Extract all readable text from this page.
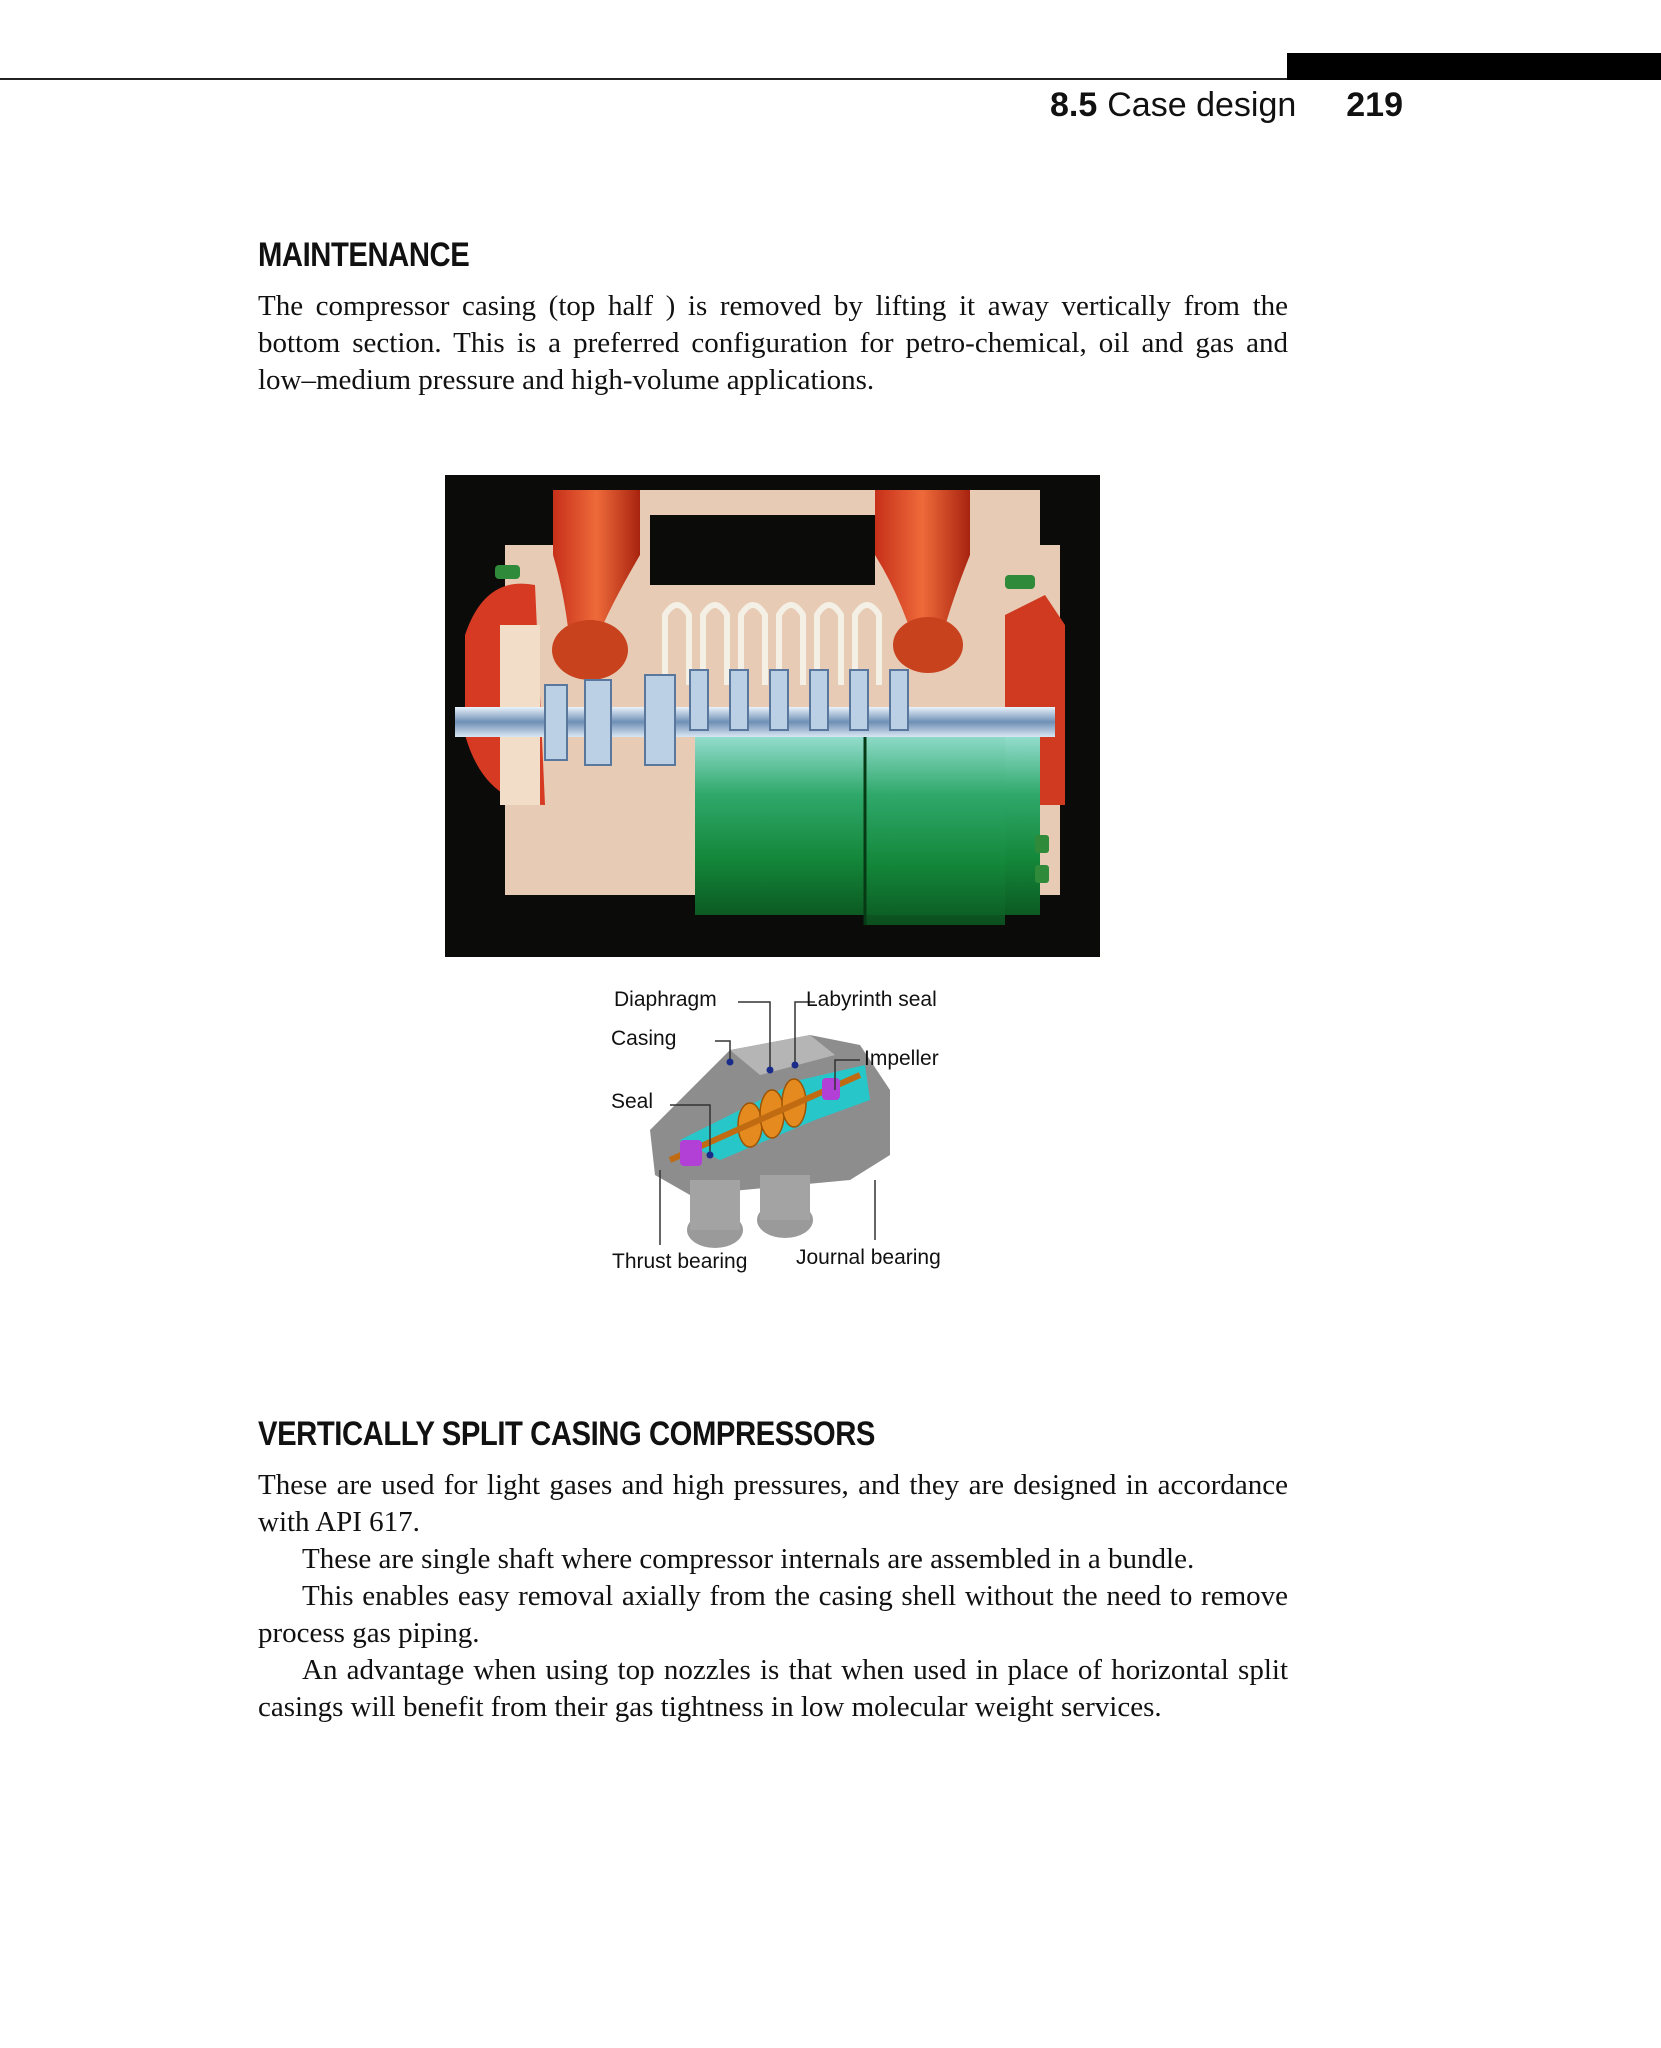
8.5 Case design 219
MAINTENANCE

The compressor casing (top half ) is removed by lifting it away vertically from the bottom section. This is a preferred configuration for petro-chemical, oil and gas and low–medium pressure and high-volume applications.

Diaphragm	Labyrinth seal
Casing
Impeller
Seal
Thrust bearing Journal bearing
VERTICALLY SPLIT CASING COMPRESSORS

These are used for light gases and high pressures, and they are designed in accordance with API 617.

These are single shaft where compressor internals are assembled in a bundle.

This enables easy removal axially from the casing shell without the need to remove process gas piping.

An advantage when using top nozzles is that when used in place of horizontal split casings will benefit from their gas tightness in low molecular weight services.
